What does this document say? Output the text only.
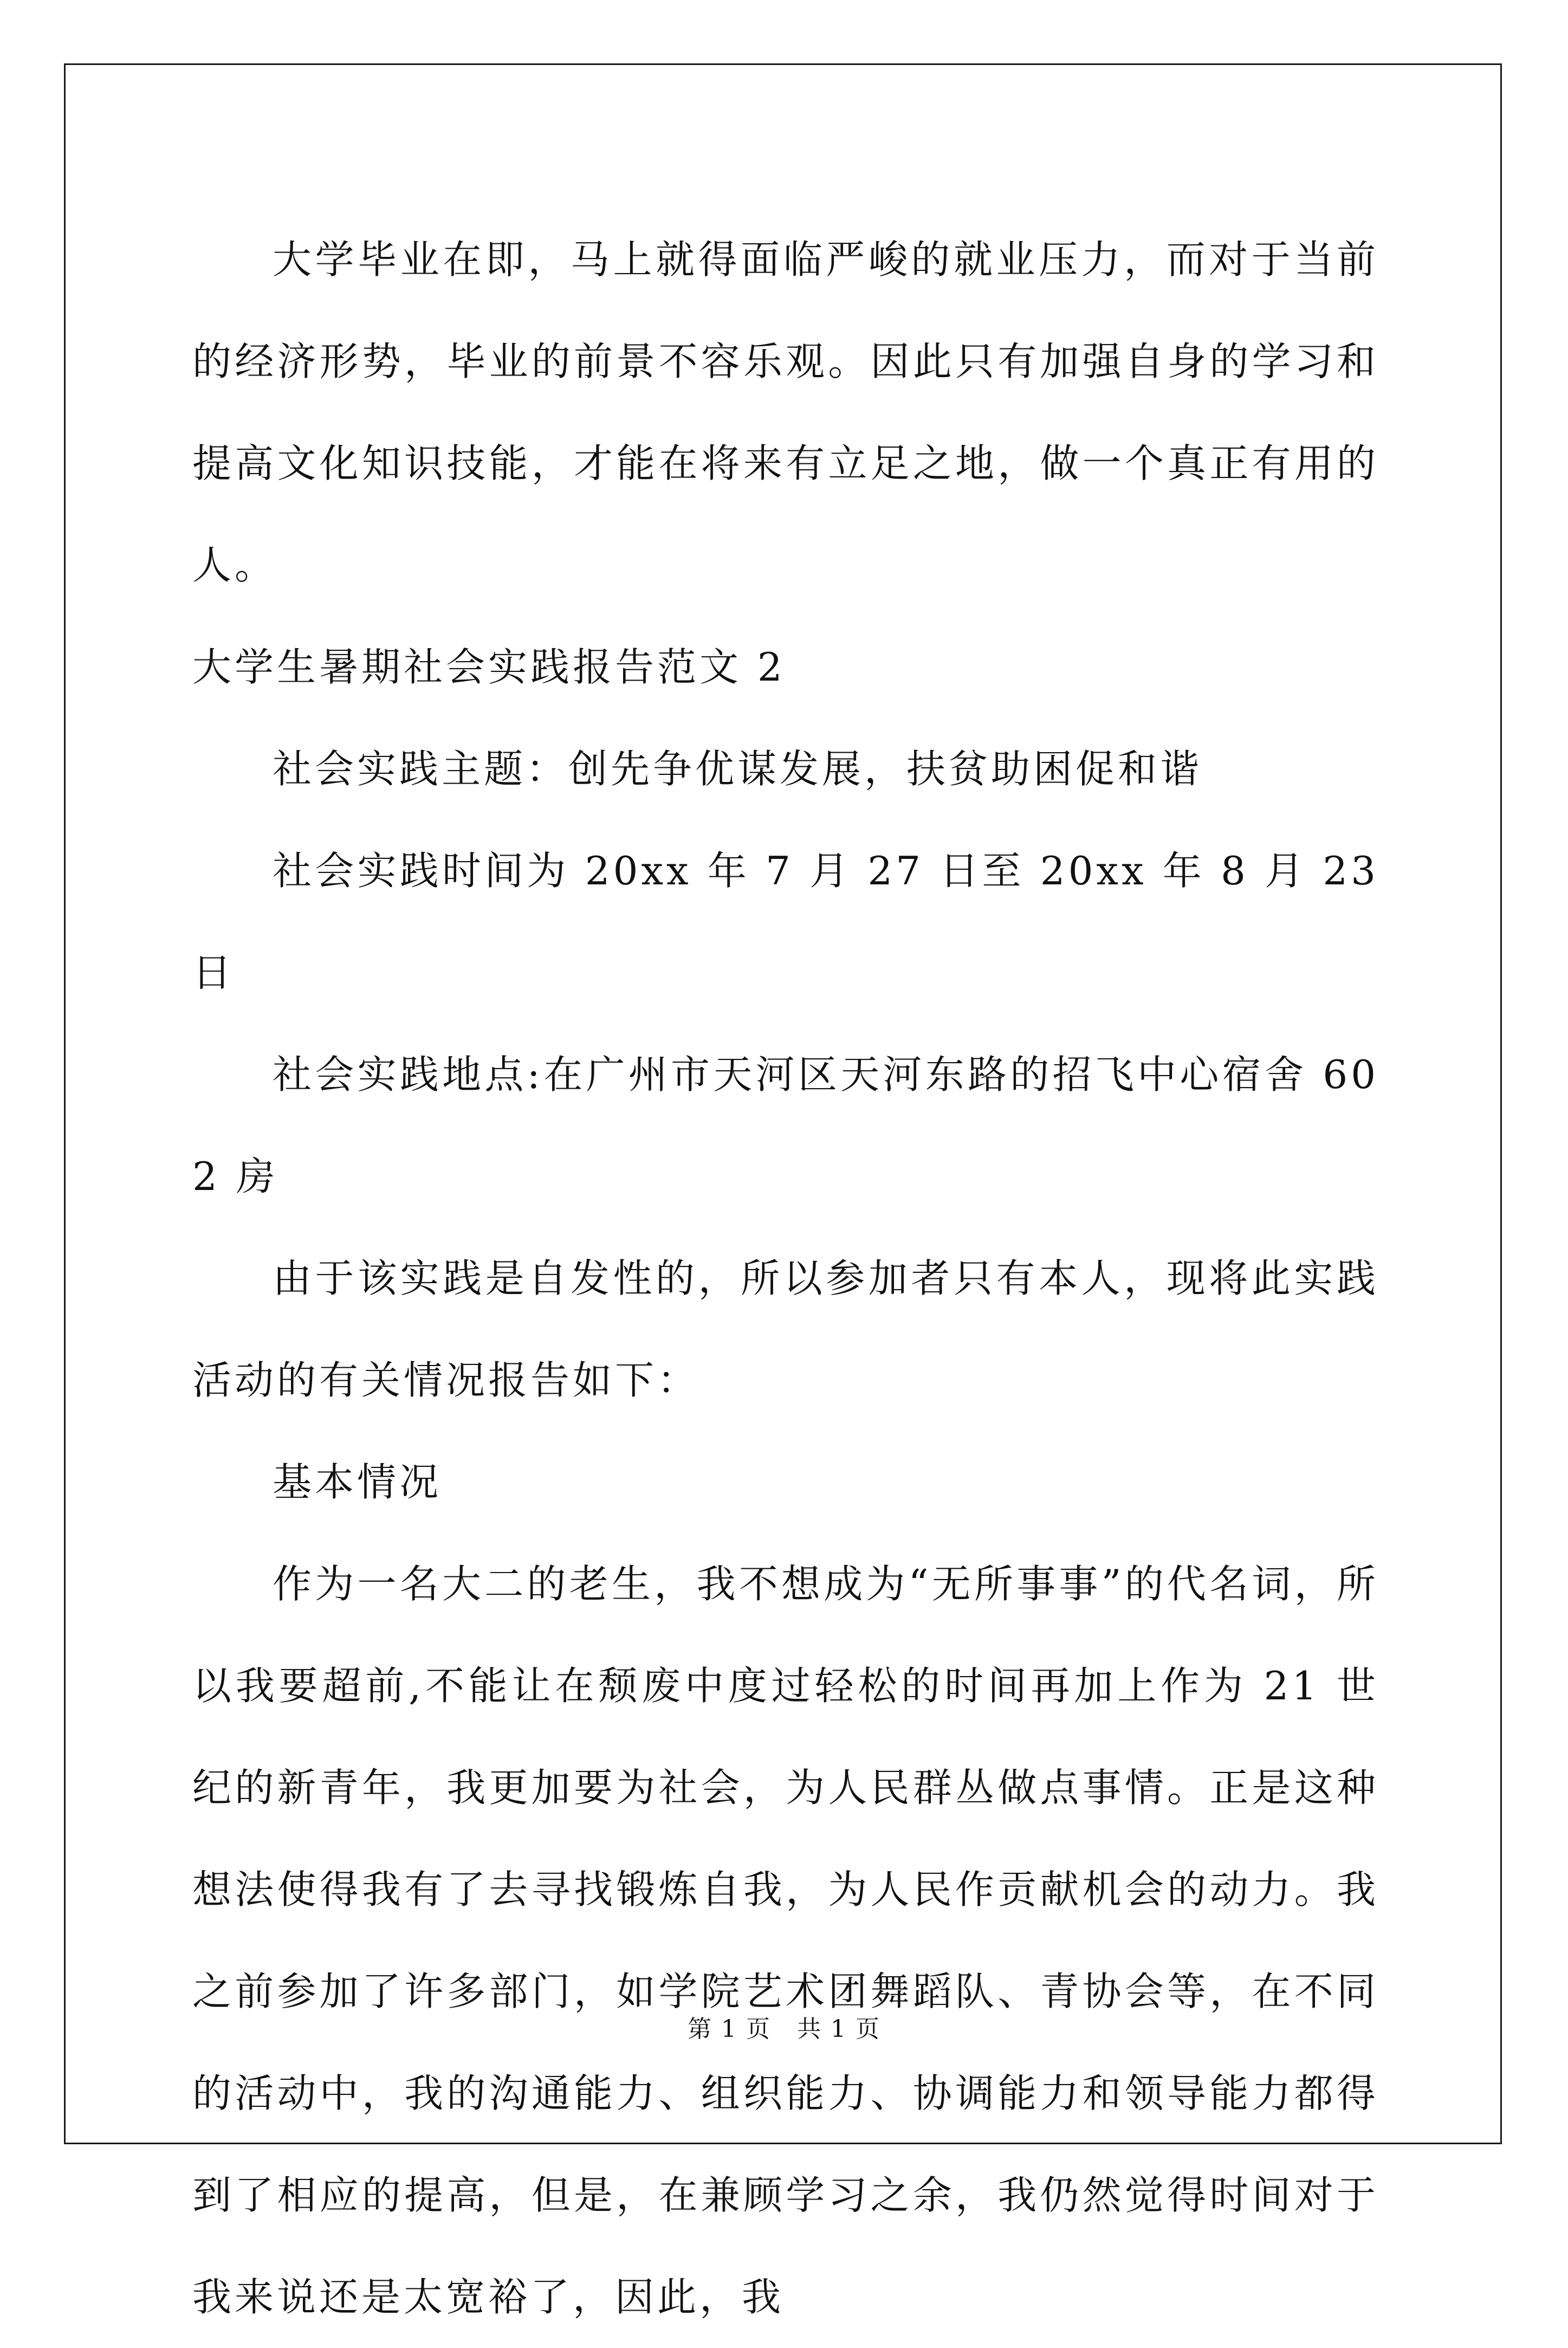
大学毕业在即，马上就得面临严峻的就业压力，而对于当前的经济形势，毕业的前景不容乐观。因此只有加强自身的学习和提高文化知识技能，才能在将来有立足之地，做一个真正有用的人。

大学生暑期社会实践报告范文 2

社会实践主题：创先争优谋发展，扶贫助困促和谐

社会实践时间为 20xx 年 7 月 27 日至 20xx 年 8 月 23 日

社会实践地点:在广州市天河区天河东路的招飞中心宿舍 602 房

由于该实践是自发性的，所以参加者只有本人，现将此实践活动的有关情况报告如下：

基本情况

作为一名大二的老生，我不想成为“无所事事”的代名词，所以我要超前,不能让在颓废中度过轻松的时间再加上作为 21 世纪的新青年，我更加要为社会，为人民群丛做点事情。正是这种想法使得我有了去寻找锻炼自我，为人民作贡献机会的动力。我之前参加了许多部门，如学院艺术团舞蹈队、青协会等，在不同的活动中，我的沟通能力、组织能力、协调能力和领导能力都得到了相应的提高，但是，在兼顾学习之余，我仍然觉得时间对于我来说还是太宽裕了，因此，我

第 1 页 共 1 页
